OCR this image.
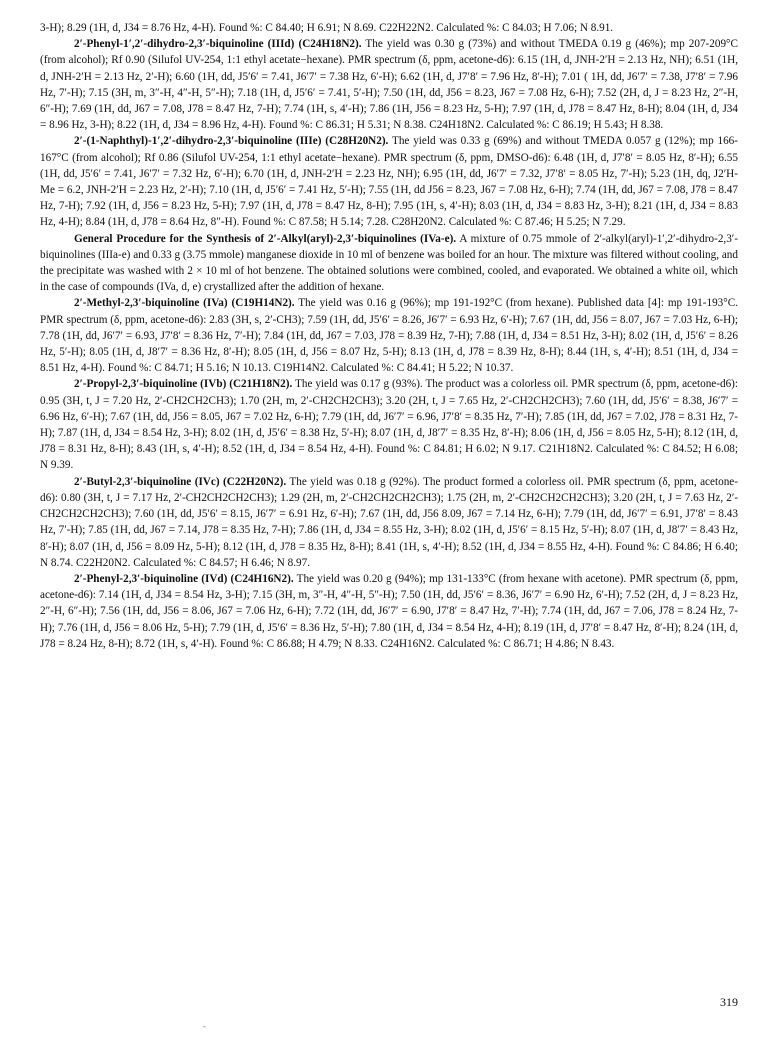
3-H); 8.29 (1H, d, J34 = 8.76 Hz, 4-H). Found %: C 84.40; H 6.91; N 8.69. C22H22N2. Calculated %: C 84.03; H 7.06; N 8.91.

2′-Phenyl-1′,2′-dihydro-2,3′-biquinoline (IIId) (C24H18N2). The yield was 0.30 g (73%) and without TMEDA 0.19 g (46%); mp 207-209°C (from alcohol); Rf 0.90 (Silufol UV-254, 1:1 ethyl acetate−hexane). PMR spectrum (δ, ppm, acetone-d6): 6.15 (1H, d, JNH-2′H = 2.13 Hz, NH); 6.51 (1H, d, JNH-2′H = 2.13 Hz, 2′-H); 6.60 (1H, dd, J5′6′ = 7.41, J6′7′ = 7.38 Hz, 6′-H); 6.62 (1H, d, J7′8′ = 7.96 Hz, 8′-H); 7.01 ( 1H, dd, J6′7′ = 7.38, J7′8′ = 7.96 Hz, 7′-H); 7.15 (3H, m, 3″-H, 4″-H, 5″-H); 7.18 (1H, d, J5′6′ = 7.41, 5′-H); 7.50 (1H, dd, J56 = 8.23, J67 = 7.08 Hz, 6-H); 7.52 (2H, d, J = 8.23 Hz, 2″-H, 6″-H); 7.69 (1H, dd, J67 = 7.08, J78 = 8.47 Hz, 7-H); 7.74 (1H, s, 4′-H); 7.86 (1H, J56 = 8.23 Hz, 5-H); 7.97 (1H, d, J78 = 8.47 Hz, 8-H); 8.04 (1H, d, J34 = 8.96 Hz, 3-H); 8.22 (1H, d, J34 = 8.96 Hz, 4-H). Found %: C 86.31; H 5.31; N 8.38. C24H18N2. Calculated %: C 86.19; H 5.43; H 8.38.

2′-(1-Naphthyl)-1′,2′-dihydro-2,3′-biquinoline (IIIe) (C28H20N2). The yield was 0.33 g (69%) and without TMEDA 0.057 g (12%); mp 166-167°C (from alcohol); Rf 0.86 (Silufol UV-254, 1:1 ethyl acetate−hexane). PMR spectrum (δ, ppm, DMSO-d6): 6.48 (1H, d, J7′8′ = 8.05 Hz, 8′-H); 6.55 (1H, dd, J5′6′ = 7.41, J6′7′ = 7.32 Hz, 6′-H); 6.70 (1H, d, JNH-2′H = 2.23 Hz, NH); 6.95 (1H, dd, J6′7′ = 7.32, J7′8′ = 8.05 Hz, 7′-H); 5.23 (1H, dq, J2′H-Me = 6.2, JNH-2′H = 2.23 Hz, 2′-H); 7.10 (1H, d, J5′6′ = 7.41 Hz, 5′-H); 7.55 (1H, dd J56 = 8.23, J67 = 7.08 Hz, 6-H); 7.74 (1H, dd, J67 = 7.08, J78 = 8.47 Hz, 7-H); 7.92 (1H, d, J56 = 8.23 Hz, 5-H); 7.97 (1H, d, J78 = 8.47 Hz, 8-H); 7.95 (1H, s, 4′-H); 8.03 (1H, d, J34 = 8.83 Hz, 3-H); 8.21 (1H, d, J34 = 8.83 Hz, 4-H); 8.84 (1H, d, J78 = 8.64 Hz, 8″-H). Found %: C 87.58; H 5.14; 7.28. C28H20N2. Calculated %: C 87.46; H 5.25; N 7.29.

General Procedure for the Synthesis of 2′-Alkyl(aryl)-2,3′-biquinolines (IVa-e). A mixture of 0.75 mmole of 2′-alkyl(aryl)-1′,2′-dihydro-2,3′-biquinolines (IIIa-e) and 0.33 g (3.75 mmole) manganese dioxide in 10 ml of benzene was boiled for an hour. The mixture was filtered without cooling, and the precipitate was washed with 2 × 10 ml of hot benzene. The obtained solutions were combined, cooled, and evaporated. We obtained a white oil, which in the case of compounds (IVa, d, e) crystallized after the addition of hexane.

2′-Methyl-2,3′-biquinoline (IVa) (C19H14N2). The yield was 0.16 g (96%); mp 191-192°C (from hexane). Published data [4]: mp 191-193°C. PMR spectrum (δ, ppm, acetone-d6): 2.83 (3H, s, 2′-CH3); 7.59 (1H, dd, J5′6′ = 8.26, J6′7′ = 6.93 Hz, 6′-H); 7.67 (1H, dd, J56 = 8.07, J67 = 7.03 Hz, 6-H); 7.78 (1H, dd, J6′7′ = 6.93, J7′8′ = 8.36 Hz, 7′-H); 7.84 (1H, dd, J67 = 7.03, J78 = 8.39 Hz, 7-H); 7.88 (1H, d, J34 = 8.51 Hz, 3-H); 8.02 (1H, d, J5′6′ = 8.26 Hz, 5′-H); 8.05 (1H, d, J8′7′ = 8.36 Hz, 8′-H); 8.05 (1H, d, J56 = 8.07 Hz, 5-H); 8.13 (1H, d, J78 = 8.39 Hz, 8-H); 8.44 (1H, s, 4′-H); 8.51 (1H, d, J34 = 8.51 Hz, 4-H). Found %: C 84.71; H 5.16; N 10.13. C19H14N2. Calculated %: C 84.41; H 5.22; N 10.37.

2′-Propyl-2,3′-biquinoline (IVb) (C21H18N2). The yield was 0.17 g (93%). The product was a colorless oil. PMR spectrum (δ, ppm, acetone-d6): 0.95 (3H, t, J = 7.20 Hz, 2′-CH2CH2CH3); 1.70 (2H, m, 2′-CH2CH2CH3); 3.20 (2H, t, J = 7.65 Hz, 2′-CH2CH2CH3); 7.60 (1H, dd, J5′6′ = 8.38, J6′7′ = 6.96 Hz, 6′-H); 7.67 (1H, dd, J56 = 8.05, J67 = 7.02 Hz, 6-H); 7.79 (1H, dd, J6′7′ = 6.96, J7′8′ = 8.35 Hz, 7′-H); 7.85 (1H, dd, J67 = 7.02, J78 = 8.31 Hz, 7-H); 7.87 (1H, d, J34 = 8.54 Hz, 3-H); 8.02 (1H, d, J5′6′ = 8.38 Hz, 5′-H); 8.07 (1H, d, J8′7′ = 8.35 Hz, 8′-H); 8.06 (1H, d, J56 = 8.05 Hz, 5-H); 8.12 (1H, d, J78 = 8.31 Hz, 8-H); 8.43 (1H, s, 4′-H); 8.52 (1H, d, J34 = 8.54 Hz, 4-H). Found %: C 84.81; H 6.02; N 9.17. C21H18N2. Calculated %: C 84.52; H 6.08; N 9.39.

2′-Butyl-2,3′-biquinoline (IVc) (C22H20N2). The yield was 0.18 g (92%). The product formed a colorless oil. PMR spectrum (δ, ppm, acetone-d6): 0.80 (3H, t, J = 7.17 Hz, 2′-CH2CH2CH2CH3); 1.29 (2H, m, 2′-CH2CH2CH2CH3); 1.75 (2H, m, 2′-CH2CH2CH2CH3); 3.20 (2H, t, J = 7.63 Hz, 2′-CH2CH2CH2CH3); 7.60 (1H, dd, J5′6′ = 8.15, J6′7′ = 6.91 Hz, 6′-H); 7.67 (1H, dd, J56 8.09, J67 = 7.14 Hz, 6-H); 7.79 (1H, dd, J6′7′ = 6.91, J7′8′ = 8.43 Hz, 7′-H); 7.85 (1H, dd, J67 = 7.14, J78 = 8.35 Hz, 7-H); 7.86 (1H, d, J34 = 8.55 Hz, 3-H); 8.02 (1H, d, J5′6′ = 8.15 Hz, 5′-H); 8.07 (1H, d, J8′7′ = 8.43 Hz, 8′-H); 8.07 (1H, d, J56 = 8.09 Hz, 5-H); 8.12 (1H, d, J78 = 8.35 Hz, 8-H); 8.41 (1H, s, 4′-H); 8.52 (1H, d, J34 = 8.55 Hz, 4-H). Found %: C 84.86; H 6.40; N 8.74. C22H20N2. Calculated %: C 84.57; H 6.46; N 8.97.

2′-Phenyl-2,3′-biquinoline (IVd) (C24H16N2). The yield was 0.20 g (94%); mp 131-133°C (from hexane with acetone). PMR spectrum (δ, ppm, acetone-d6): 7.14 (1H, d, J34 = 8.54 Hz, 3-H); 7.15 (3H, m, 3″-H, 4″-H, 5″-H); 7.50 (1H, dd, J5′6′ = 8.36, J6′7′ = 6.90 Hz, 6′-H); 7.52 (2H, d, J = 8.23 Hz, 2″-H, 6″-H); 7.56 (1H, dd, J56 = 8.06, J67 = 7.06 Hz, 6-H); 7.72 (1H, dd, J6′7′ = 6.90, J7′8′ = 8.47 Hz, 7′-H); 7.74 (1H, dd, J67 = 7.06, J78 = 8.24 Hz, 7-H); 7.76 (1H, d, J56 = 8.06 Hz, 5-H); 7.79 (1H, d, J5′6′ = 8.36 Hz, 5′-H); 7.80 (1H, d, J34 = 8.54 Hz, 4-H); 8.19 (1H, d, J7′8′ = 8.47 Hz, 8′-H); 8.24 (1H, d, J78 = 8.24 Hz, 8-H); 8.72 (1H, s, 4′-H). Found %: C 86.88; H 4.79; N 8.33. C24H16N2. Calculated %: C 86.71; H 4.86; N 8.43.

-
319
